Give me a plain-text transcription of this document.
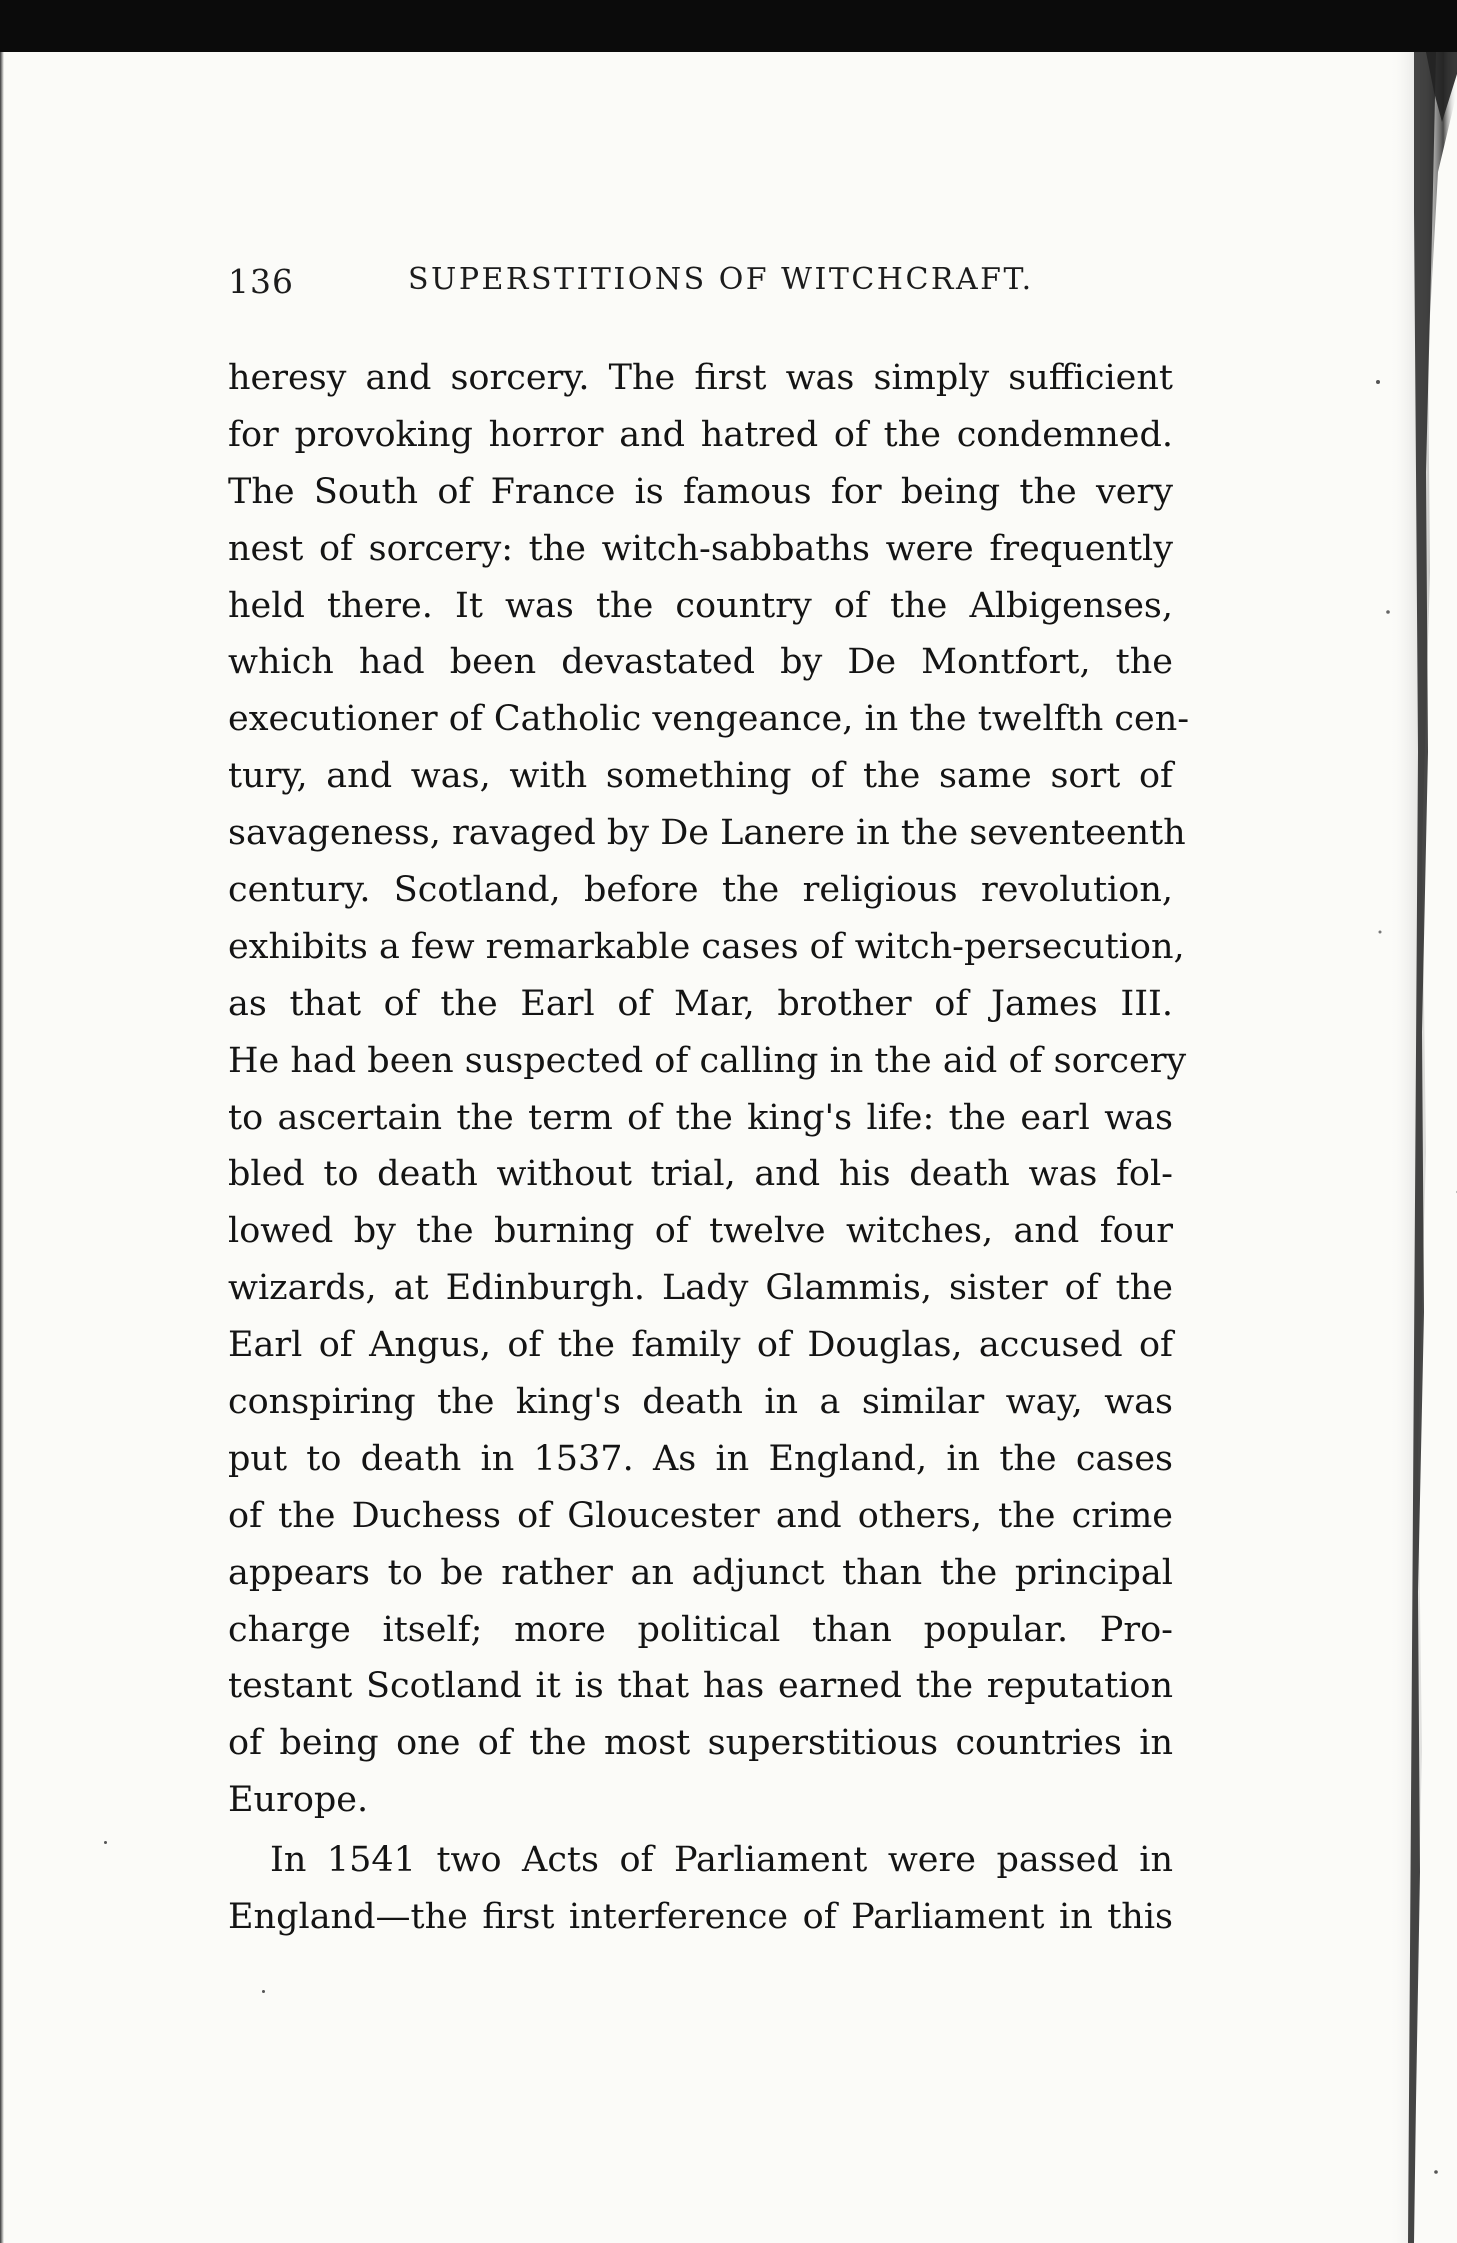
136	SUPERSTITIONS OF WITCHCRAFT.
heresy and sorcery. The first was simply sufficient
for provoking horror and hatred of the condemned.
The South of France is famous for being the very
nest of sorcery: the witch-sabbaths were frequently
held there. It was the country of the Albigenses,
which had been devastated by De Montfort, the
executioner of Catholic vengeance, in the twelfth cen-
tury, and was, with something of the same sort of
savageness, ravaged by De Lanere in the seventeenth
century. Scotland, before the religious revolution,
exhibits a few remarkable cases of witch-persecution,
as that of the Earl of Mar, brother of James III.
He had been suspected of calling in the aid of sorcery
to ascertain the term of the king's life: the earl was
bled to death without trial, and his death was fol-
lowed by the burning of twelve witches, and four
wizards, at Edinburgh. Lady Glammis, sister of the
Earl of Angus, of the family of Douglas, accused of
conspiring the king's death in a similar way, was
put to death in 1537. As in England, in the cases
of the Duchess of Gloucester and others, the crime
appears to be rather an adjunct than the principal
charge itself; more political than popular. Pro-
testant Scotland it is that has earned the reputation
of being one of the most superstitious countries in
Europe.
In 1541 two Acts of Parliament were passed in
England—the first interference of Parliament in this
